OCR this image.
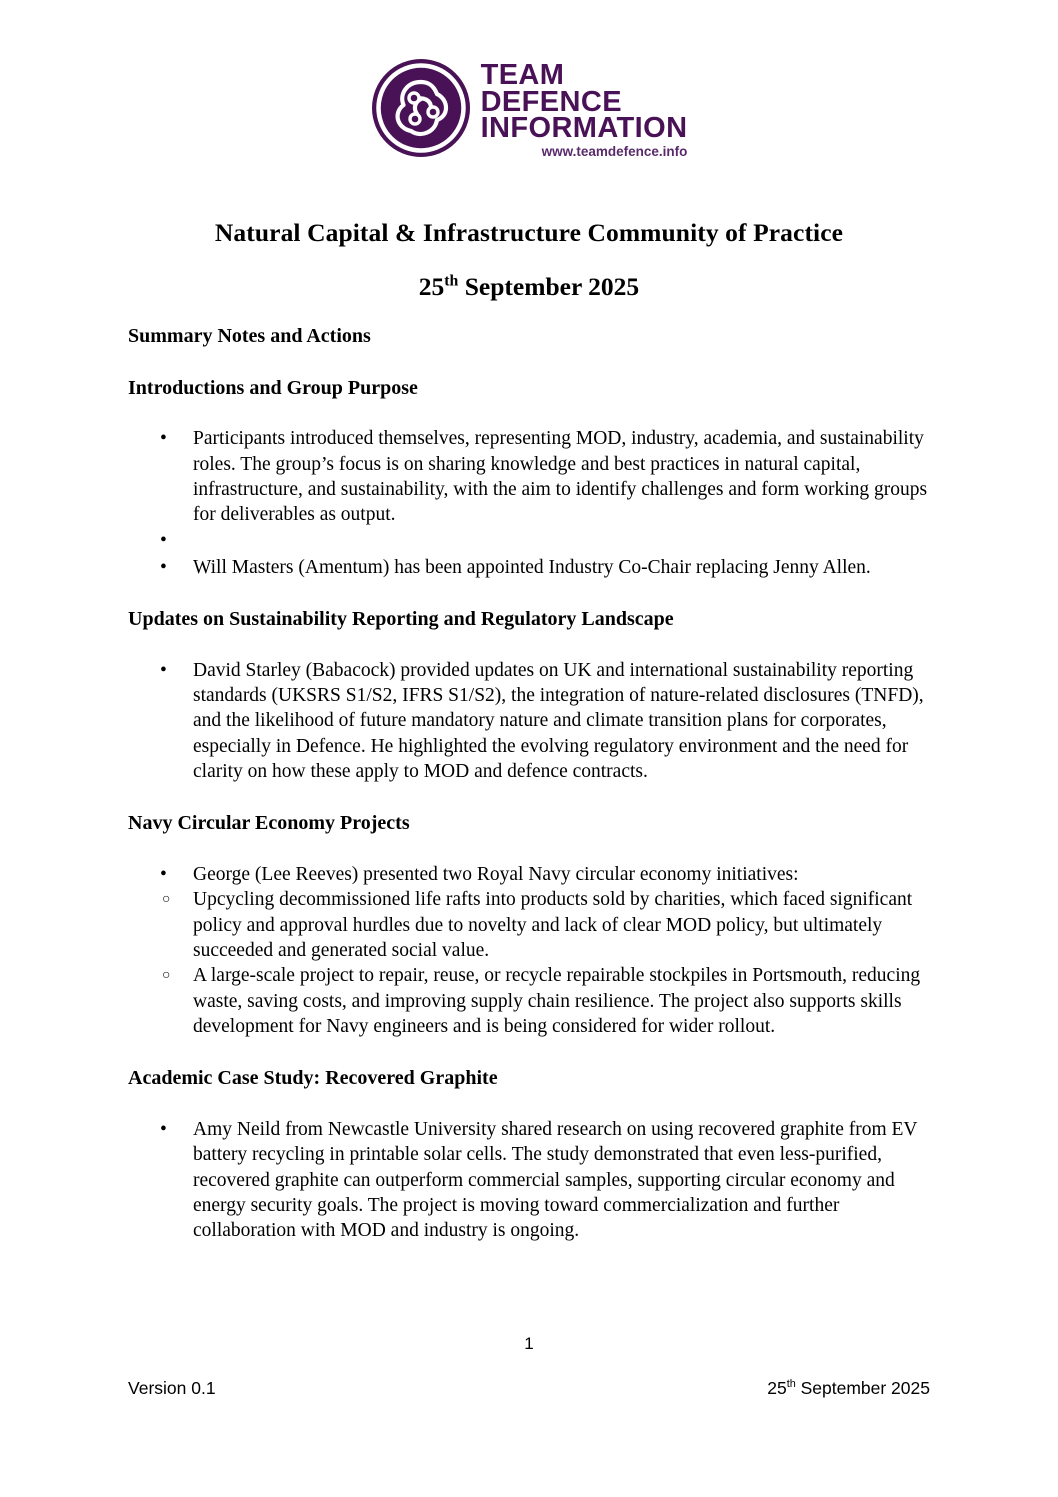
TEAM
DEFENCE
INFORMATION
www.teamdefence.info
Natural Capital & Infrastructure Community of Practice
25th September 2025
Summary Notes and Actions
Introductions and Group Purpose
• Participants introduced themselves, representing MOD, industry, academia, and sustainability roles. The group’s focus is on sharing knowledge and best practices in natural capital, infrastructure, and sustainability, with the aim to identify challenges and form working groups for deliverables as output.
•
• Will Masters (Amentum) has been appointed Industry Co-Chair replacing Jenny Allen.
Updates on Sustainability Reporting and Regulatory Landscape
• David Starley (Babacock) provided updates on UK and international sustainability reporting standards (UKSRS S1/S2, IFRS S1/S2), the integration of nature-related disclosures (TNFD), and the likelihood of future mandatory nature and climate transition plans for corporates, especially in Defence. He highlighted the evolving regulatory environment and the need for clarity on how these apply to MOD and defence contracts.
Navy Circular Economy Projects
• George (Lee Reeves) presented two Royal Navy circular economy initiatives:
○ Upcycling decommissioned life rafts into products sold by charities, which faced significant policy and approval hurdles due to novelty and lack of clear MOD policy, but ultimately succeeded and generated social value.
○ A large-scale project to repair, reuse, or recycle repairable stockpiles in Portsmouth, reducing waste, saving costs, and improving supply chain resilience. The project also supports skills development for Navy engineers and is being considered for wider rollout.
Academic Case Study: Recovered Graphite
• Amy Neild from Newcastle University shared research on using recovered graphite from EV battery recycling in printable solar cells. The study demonstrated that even less-purified, recovered graphite can outperform commercial samples, supporting circular economy and energy security goals. The project is moving toward commercialization and further collaboration with MOD and industry is ongoing.
1
Version 0.1	25th September 2025
